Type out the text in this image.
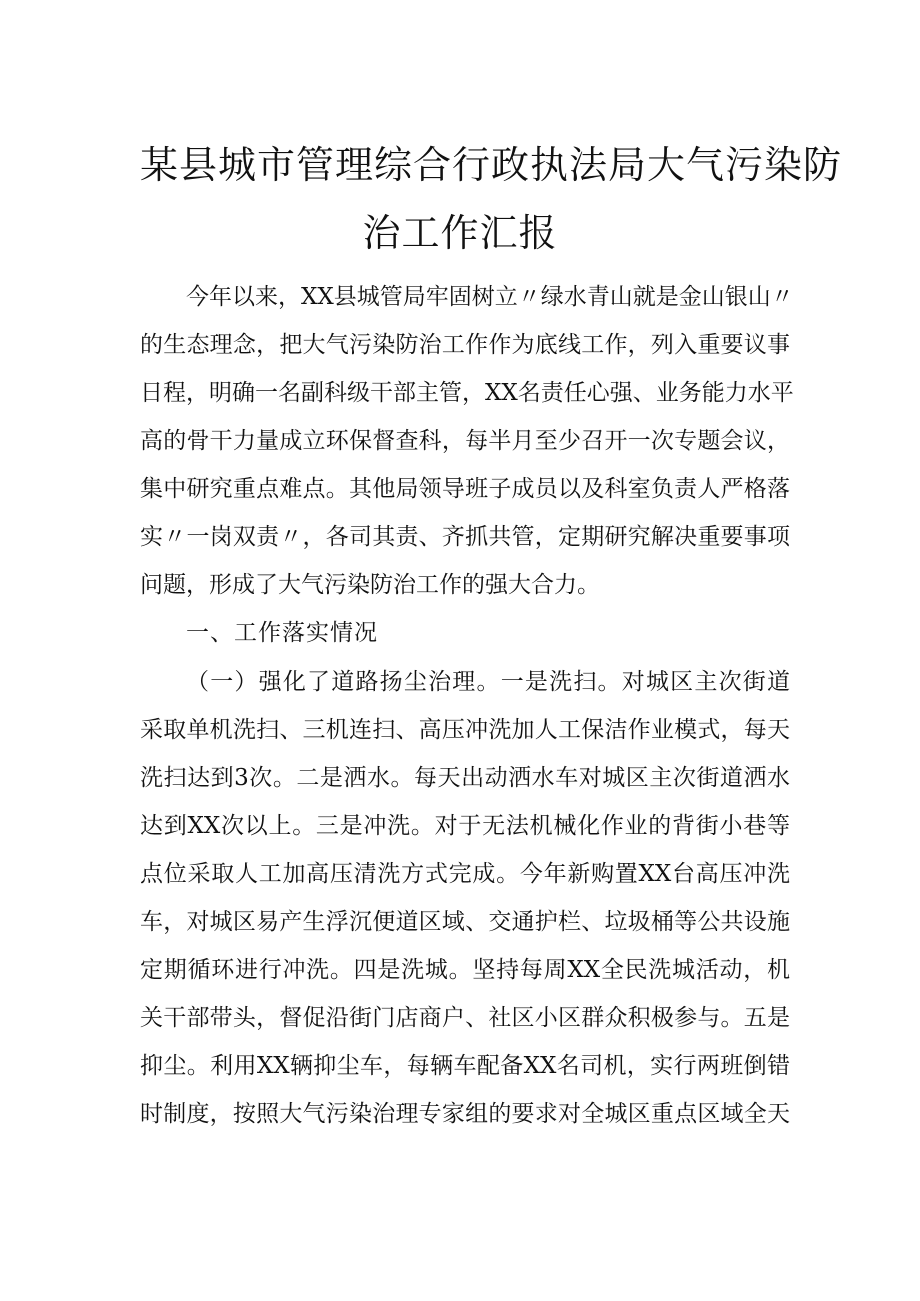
某县城市管理综合行政执法局大气污染防
治工作汇报

今年以来，XX县城管局牢固树立〃绿水青山就是金山银山〃

的生态理念，把大气污染防治工作作为底线工作，列入重要议事

日程，明确一名副科级干部主管，XX名责任心强、业务能力水平

高的骨干力量成立环保督查科，每半月至少召开一次专题会议，

集中研究重点难点。其他局领导班子成员以及科室负责人严格落

实〃一岗双责〃，各司其责、齐抓共管，定期研究解决重要事项

问题，形成了大气污染防治工作的强大合力。

一、工作落实情况

（一）强化了道路扬尘治理。一是洗扫。对城区主次街道

采取单机洗扫、三机连扫、高压冲洗加人工保洁作业模式，每天

洗扫达到3次。二是洒水。每天出动洒水车对城区主次街道洒水

达到XX次以上。三是冲洗。对于无法机械化作业的背街小巷等

点位采取人工加高压清洗方式完成。今年新购置XX台高压冲洗

车，对城区易产生浮沉便道区域、交通护栏、垃圾桶等公共设施

定期循环进行冲洗。四是洗城。坚持每周XX全民洗城活动，机

关干部带头，督促沿街门店商户、社区小区群众积极参与。五是

抑尘。利用XX辆抑尘车，每辆车配备XX名司机，实行两班倒错

时制度，按照大气污染治理专家组的要求对全城区重点区域全天
